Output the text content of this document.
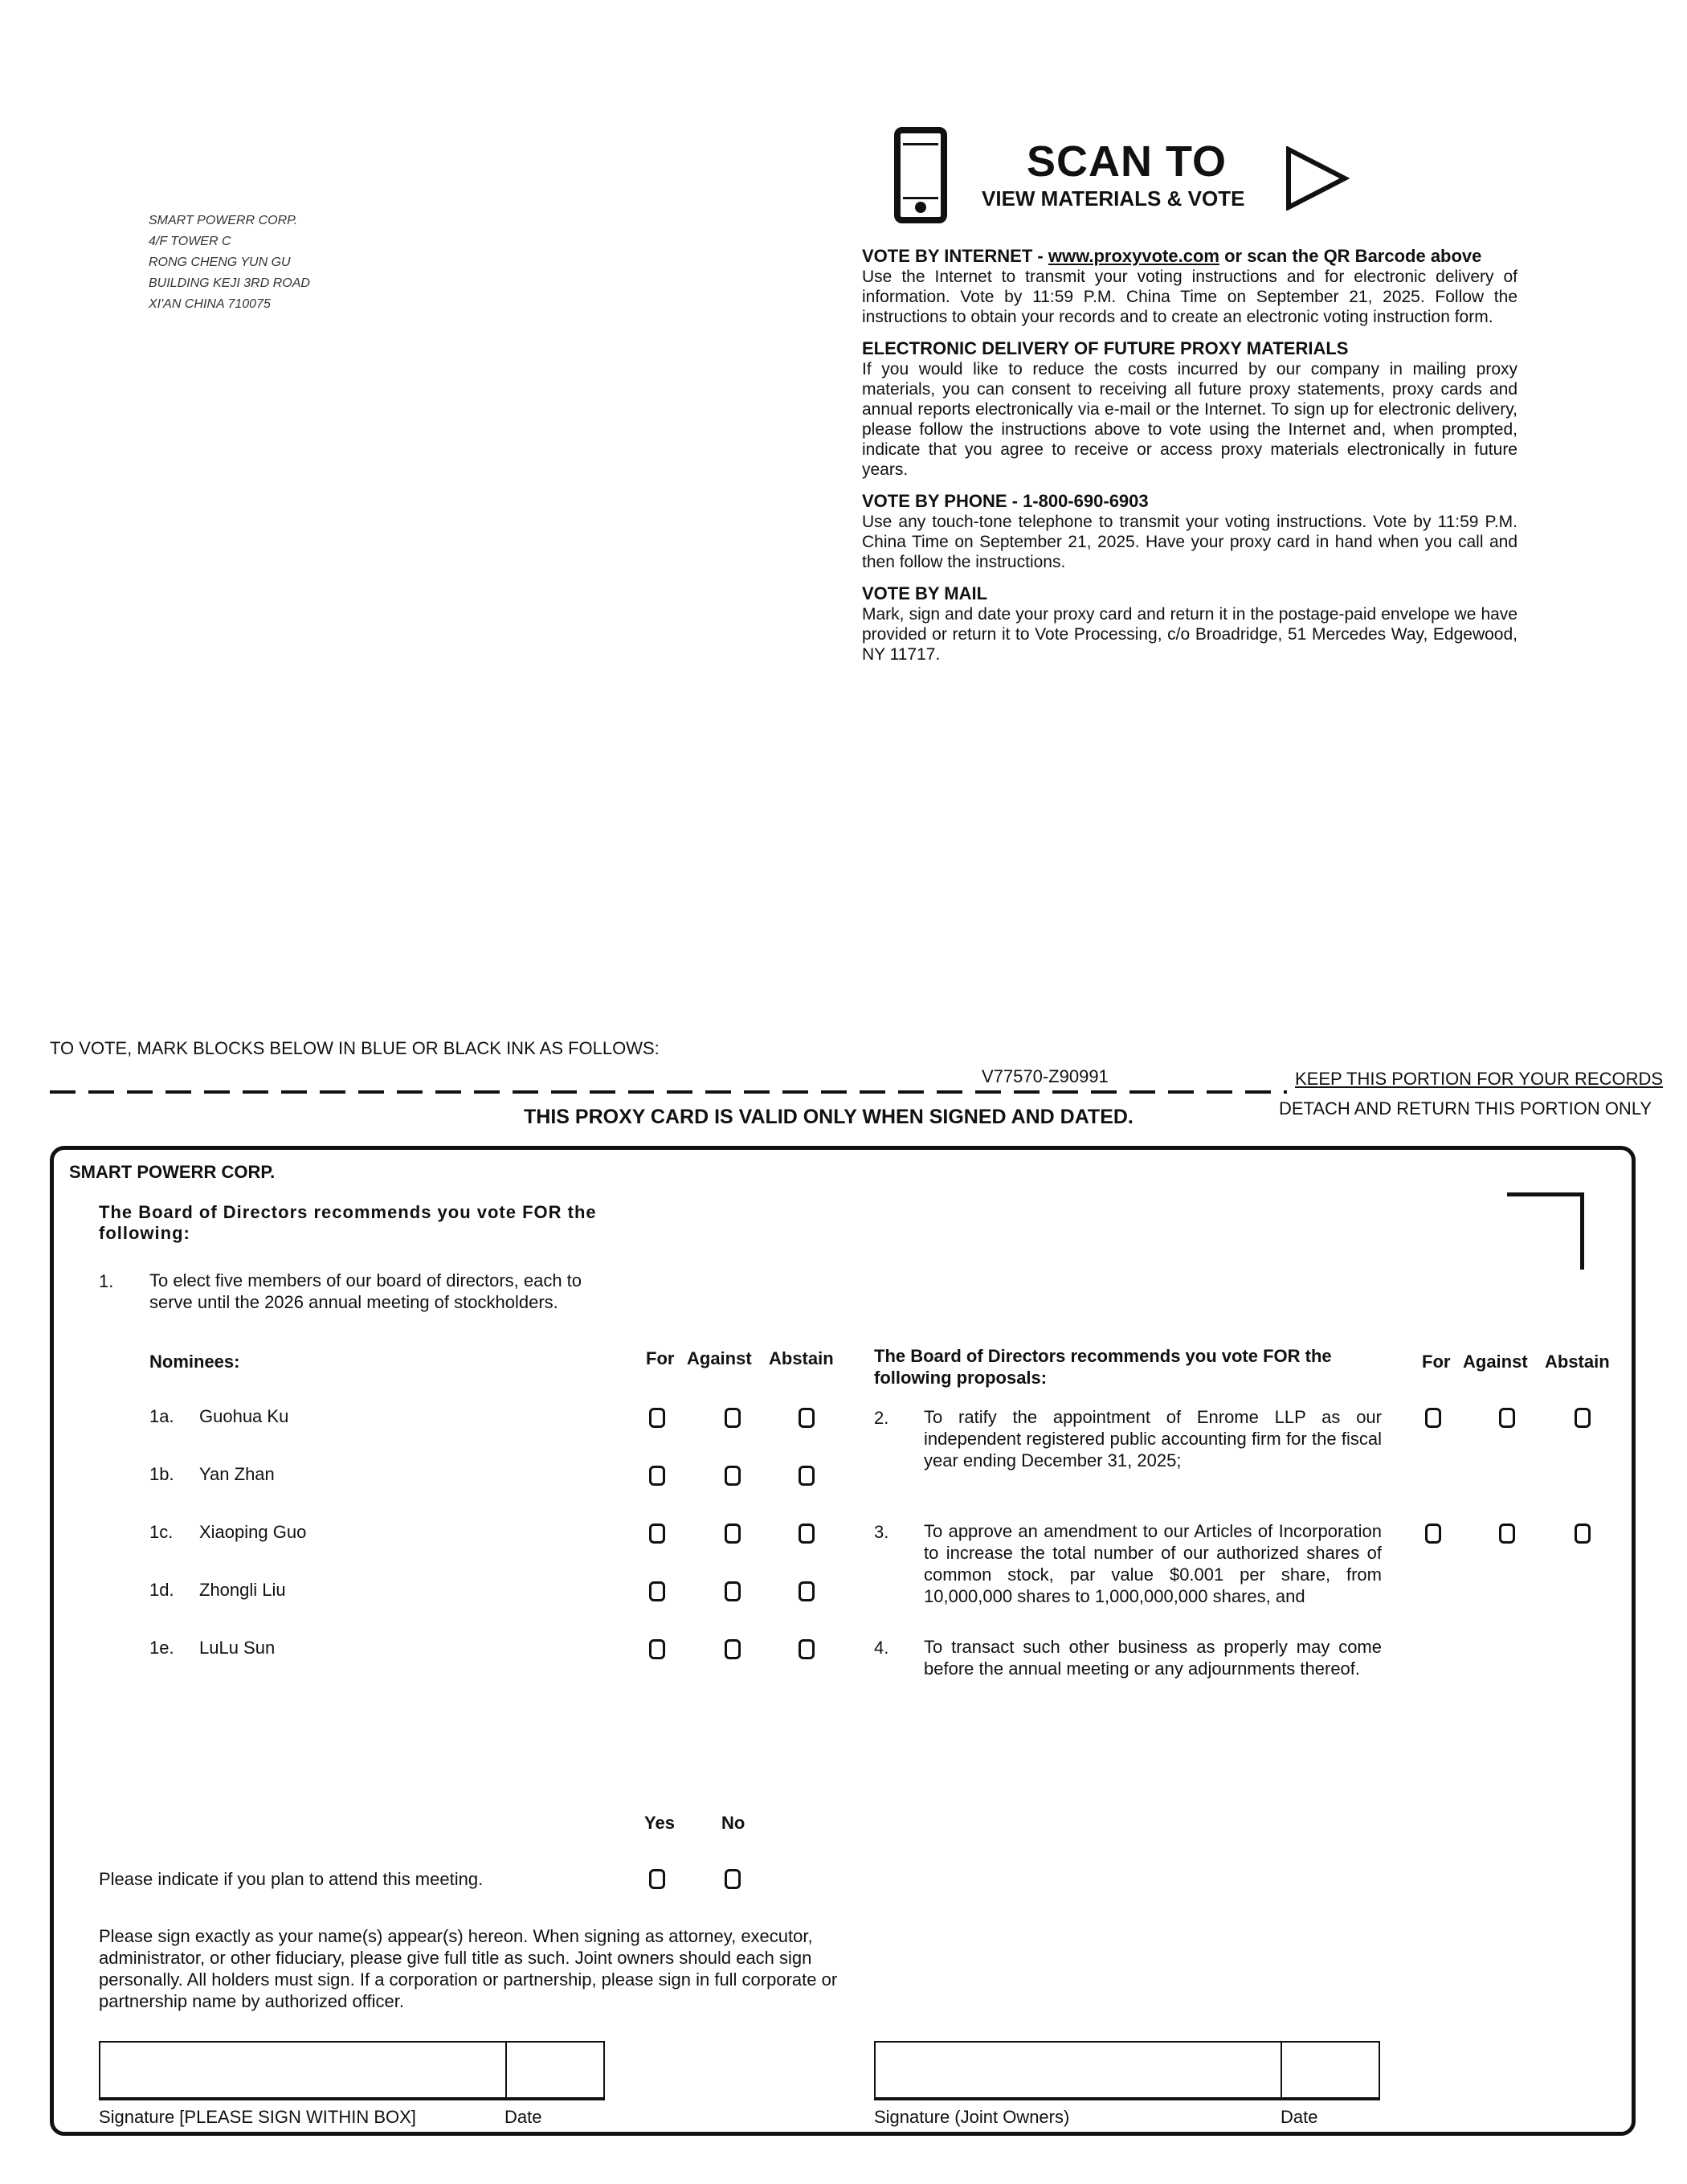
SMART POWERR CORP.
4/F TOWER C
RONG CHENG YUN GU
BUILDING KEJI 3RD ROAD
XI'AN CHINA 710075
SCAN TO
VIEW MATERIALS & VOTE

VOTE BY INTERNET - www.proxyvote.com or scan the QR Barcode above
Use the Internet to transmit your voting instructions and for electronic delivery of information. Vote by 11:59 P.M. China Time on September 21, 2025. Follow the instructions to obtain your records and to create an electronic voting instruction form.

ELECTRONIC DELIVERY OF FUTURE PROXY MATERIALS
If you would like to reduce the costs incurred by our company in mailing proxy materials, you can consent to receiving all future proxy statements, proxy cards and annual reports electronically via e-mail or the Internet. To sign up for electronic delivery, please follow the instructions above to vote using the Internet and, when prompted, indicate that you agree to receive or access proxy materials electronically in future years.

VOTE BY PHONE - 1-800-690-6903
Use any touch-tone telephone to transmit your voting instructions. Vote by 11:59 P.M. China Time on September 21, 2025. Have your proxy card in hand when you call and then follow the instructions.

VOTE BY MAIL
Mark, sign and date your proxy card and return it in the postage-paid envelope we have provided or return it to Vote Processing, c/o Broadridge, 51 Mercedes Way, Edgewood, NY 11717.

TO VOTE, MARK BLOCKS BELOW IN BLUE OR BLACK INK AS FOLLOWS:
V77570-Z90991	KEEP THIS PORTION FOR YOUR RECORDS
DETACH AND RETURN THIS PORTION ONLY
THIS PROXY CARD IS VALID ONLY WHEN SIGNED AND DATED.
SMART POWERR CORP.
The Board of Directors recommends you vote FOR the following:
1. To elect five members of our board of directors, each to serve until the 2026 annual meeting of stockholders.
Nominees:	For Against Abstain
1a. Guohua Ku
1b. Yan Zhan
1c. Xiaoping Guo
1d. Zhongli Liu
1e. LuLu Sun
The Board of Directors recommends you vote FOR the following proposals:
For Against Abstain
2. To ratify the appointment of Enrome LLP as our independent registered public accounting firm for the fiscal year ending December 31, 2025;
3. To approve an amendment to our Articles of Incorporation to increase the total number of our authorized shares of common stock, par value $0.001 per share, from 10,000,000 shares to 1,000,000,000 shares, and
4. To transact such other business as properly may come before the annual meeting or any adjournments thereof.
Yes	No
Please indicate if you plan to attend this meeting.
Please sign exactly as your name(s) appear(s) hereon. When signing as attorney, executor, administrator, or other fiduciary, please give full title as such. Joint owners should each sign personally. All holders must sign. If a corporation or partnership, please sign in full corporate or partnership name by authorized officer.
Signature [PLEASE SIGN WITHIN BOX]	Date	Signature (Joint Owners)	Date
